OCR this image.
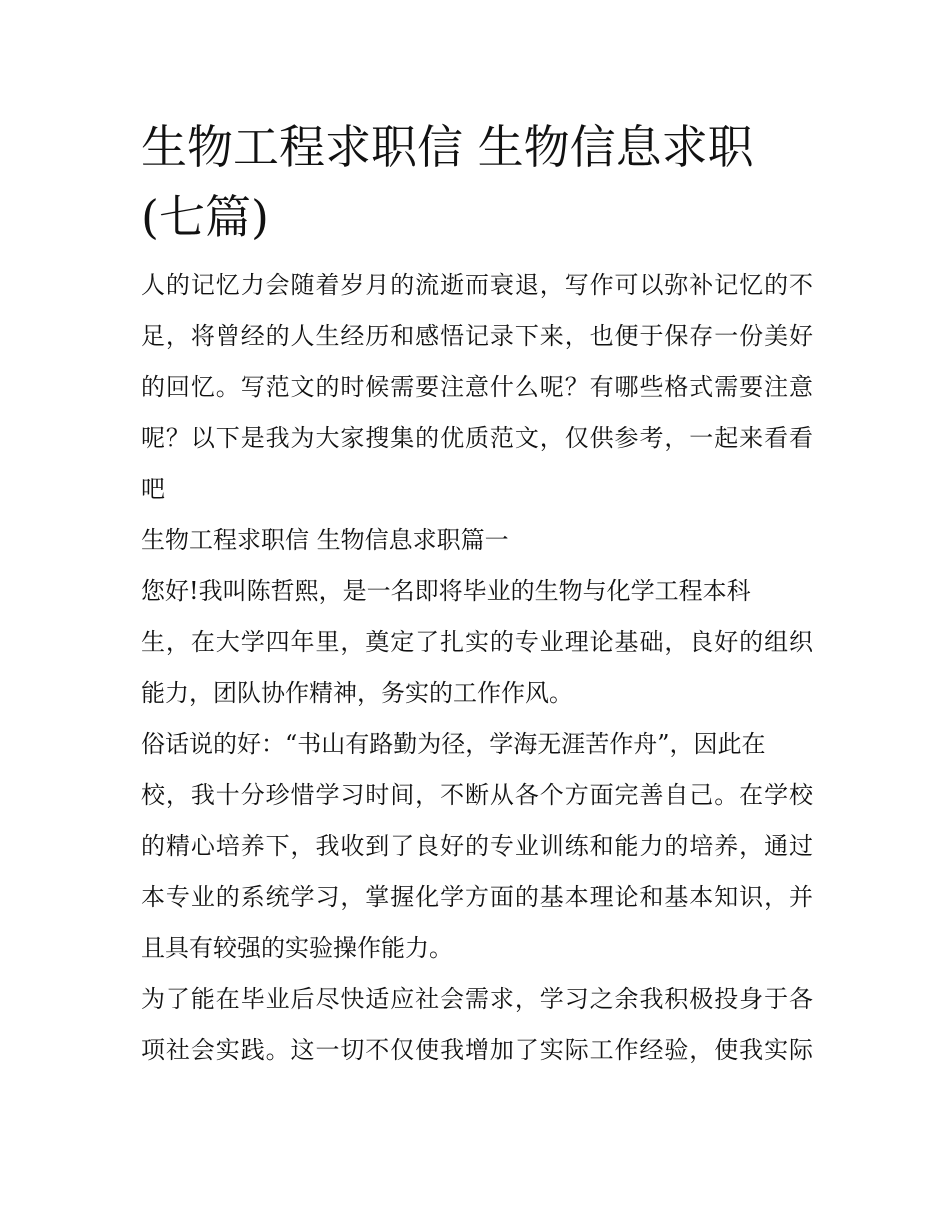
生物工程求职信 生物信息求职
(七篇)

人的记忆力会随着岁月的流逝而衰退，写作可以弥补记忆的不

足，将曾经的人生经历和感悟记录下来，也便于保存一份美好

的回忆。写范文的时候需要注意什么呢？有哪些格式需要注意

呢？以下是我为大家搜集的优质范文，仅供参考，一起来看看

吧

生物工程求职信 生物信息求职篇一

您好!我叫陈哲熙，是一名即将毕业的生物与化学工程本科

生，在大学四年里，奠定了扎实的专业理论基础，良好的组织

能力，团队协作精神，务实的工作作风。

俗话说的好：“书山有路勤为径，学海无涯苦作舟”，因此在

校，我十分珍惜学习时间，不断从各个方面完善自己。在学校

的精心培养下，我收到了良好的专业训练和能力的培养，通过

本专业的系统学习，掌握化学方面的基本理论和基本知识，并

且具有较强的实验操作能力。

为了能在毕业后尽快适应社会需求，学习之余我积极投身于各

项社会实践。这一切不仅使我增加了实际工作经验，使我实际
